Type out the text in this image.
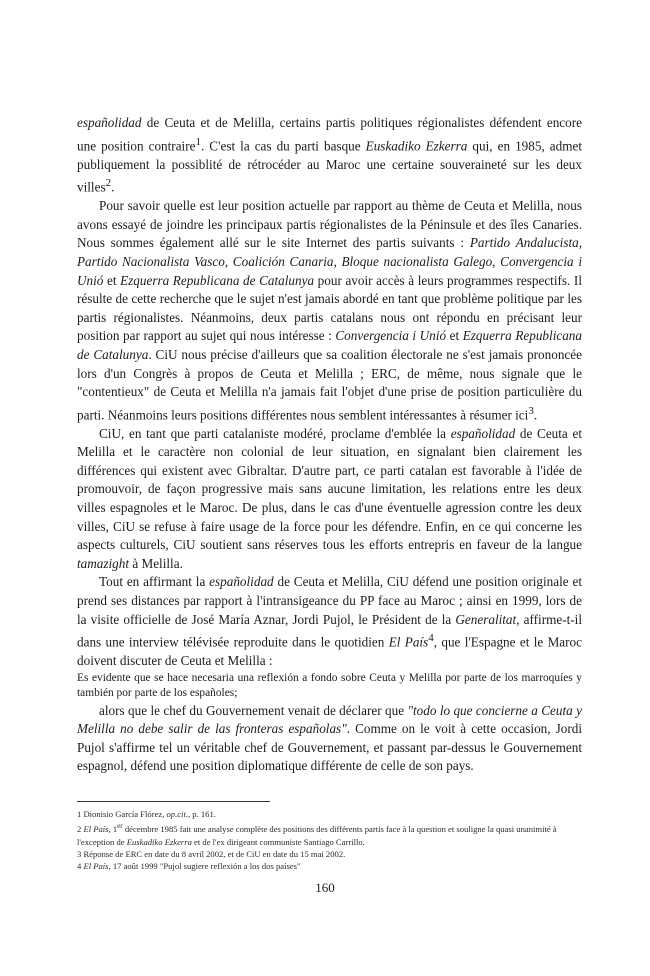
españolidad de Ceuta et de Melilla, certains partis politiques régionalistes défendent encore une position contraire$^1$. C'est la cas du parti basque Euskadiko Ezkerra qui, en 1985, admet publiquement la possiblité de rétrocéder au Maroc une certaine souveraineté sur les deux villes$^2$.

Pour savoir quelle est leur position actuelle par rapport au thème de Ceuta et Melilla, nous avons essayé de joindre les principaux partis régionalistes de la Péninsule et des îles Canaries. Nous sommes également allé sur le site Internet des partis suivants : Partido Andalucista, Partido Nacionalista Vasco, Coalición Canaria, Bloque nacionalista Galego, Convergencia i Unió et Ezquerra Republicana de Catalunya pour avoir accès à leurs programmes respectifs. Il résulte de cette recherche que le sujet n'est jamais abordé en tant que problème politique par les partis régionalistes. Néanmoins, deux partis catalans nous ont répondu en précisant leur position par rapport au sujet qui nous intéresse : Convergencia i Unió et Ezquerra Republicana de Catalunya. CiU nous précise d'ailleurs que sa coalition électorale ne s'est jamais prononcée lors d'un Congrès à propos de Ceuta et Melilla ; ERC, de même, nous signale que le "contentieux" de Ceuta et Melilla n'a jamais fait l'objet d'une prise de position particulière du parti. Néanmoins leurs positions différentes nous semblent intéressantes à résumer ici$^3$.

CiU, en tant que parti catalaniste modéré, proclame d'emblée la españolidad de Ceuta et Melilla et le caractère non colonial de leur situation, en signalant bien clairement les différences qui existent avec Gibraltar. D'autre part, ce parti catalan est favorable à l'idée de promouvoir, de façon progressive mais sans aucune limitation, les relations entre les deux villes espagnoles et le Maroc. De plus, dans le cas d'une éventuelle agression contre les deux villes, CiU se refuse à faire usage de la force pour les défendre. Enfin, en ce qui concerne les aspects culturels, CiU soutient sans réserves tous les efforts entrepris en faveur de la langue tamazight à Melilla.

Tout en affirmant la españolidad de Ceuta et Melilla, CiU défend une position originale et prend ses distances par rapport à l'intransigeance du PP face au Maroc ; ainsi en 1999, lors de la visite officielle de José María Aznar, Jordi Pujol, le Président de la Generalitat, affirme-t-il dans une interview télévisée reproduite dans le quotidien El País$^4$, que l'Espagne et le Maroc doivent discuter de Ceuta et Melilla :

Es evidente que se hace necesaria una reflexión a fondo sobre Ceuta y Melilla por parte de los marroquíes y también por parte de los españoles;

alors que le chef du Gouvernement venait de déclarer que "todo lo que concierne a Ceuta y Melilla no debe salir de las fronteras españolas". Comme on le voit à cette occasion, Jordi Pujol s'affirme tel un véritable chef de Gouvernement, et passant par-dessus le Gouvernement espagnol, défend une position diplomatique différente de celle de son pays.

1 Dionisio García Flórez, op.cit., p. 161.

2 El País, 1er décembre 1985 fait une analyse complète des positions des différents partis face à la question et souligne la quasi unanimité à l'exception de Euskadiko Ezkerra et de l'ex dirigeant communiste Santiago Carrillo.

3 Réponse de ERC en date du 8 avril 2002, et de CiU en date du 15 mai 2002.

4 El País, 17 août 1999 "Pujol sugiere reflexión a los dos países"

160
